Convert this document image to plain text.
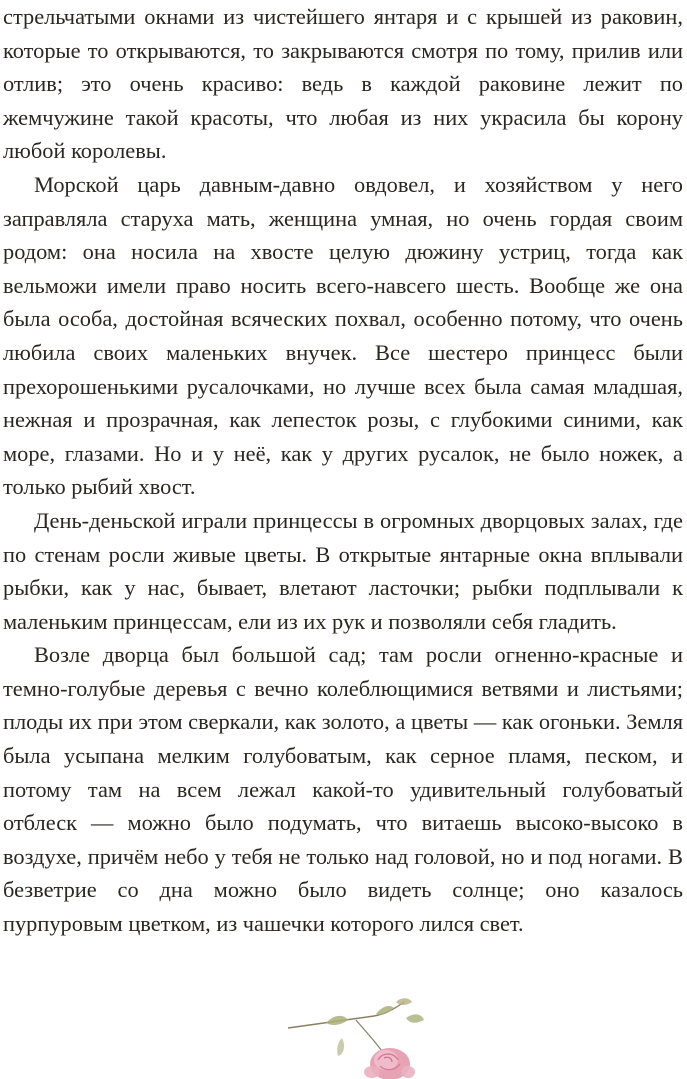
стрельчатыми окнами из чистейшего янтаря и с крышей из раковин, которые то открываются, то закрываются смотря по тому, прилив или отлив; это очень красиво: ведь в каждой раковине лежит по жемчужине такой красоты, что любая из них украсила бы корону любой королевы.

Морской царь давным-давно овдовел, и хозяйством у него заправляла старуха мать, женщина умная, но очень гордая своим родом: она носила на хвосте целую дюжину устриц, тогда как вельможи имели право носить всего-навсего шесть. Вообще же она была особа, достойная всяческих похвал, особенно потому, что очень любила своих маленьких внучек. Все шестеро принцесс были прехорошенькими русалочками, но лучше всех была самая младшая, нежная и прозрачная, как лепесток розы, с глубокими синими, как море, глазами. Но и у неё, как у других русалок, не было ножек, а только рыбий хвост.

День-деньской играли принцессы в огромных дворцовых залах, где по стенам росли живые цветы. В открытые янтарные окна вплывали рыбки, как у нас, бывает, влетают ласточки; рыбки подплывали к маленьким принцессам, ели из их рук и позволяли себя гладить.

Возле дворца был большой сад; там росли огненно-красные и темно-голубые деревья с вечно колеблющимися ветвями и листьями; плоды их при этом сверкали, как золото, а цветы — как огоньки. Земля была усыпана мелким голубоватым, как серное пламя, песком, и потому там на всем лежал какой-то удивительный голубоватый отблеск — можно было подумать, что витаешь высоко-высоко в воздухе, причём небо у тебя не только над головой, но и под ногами. В безветрие со дна можно было видеть солнце; оно казалось пурпуровым цветком, из чашечки которого лился свет.
